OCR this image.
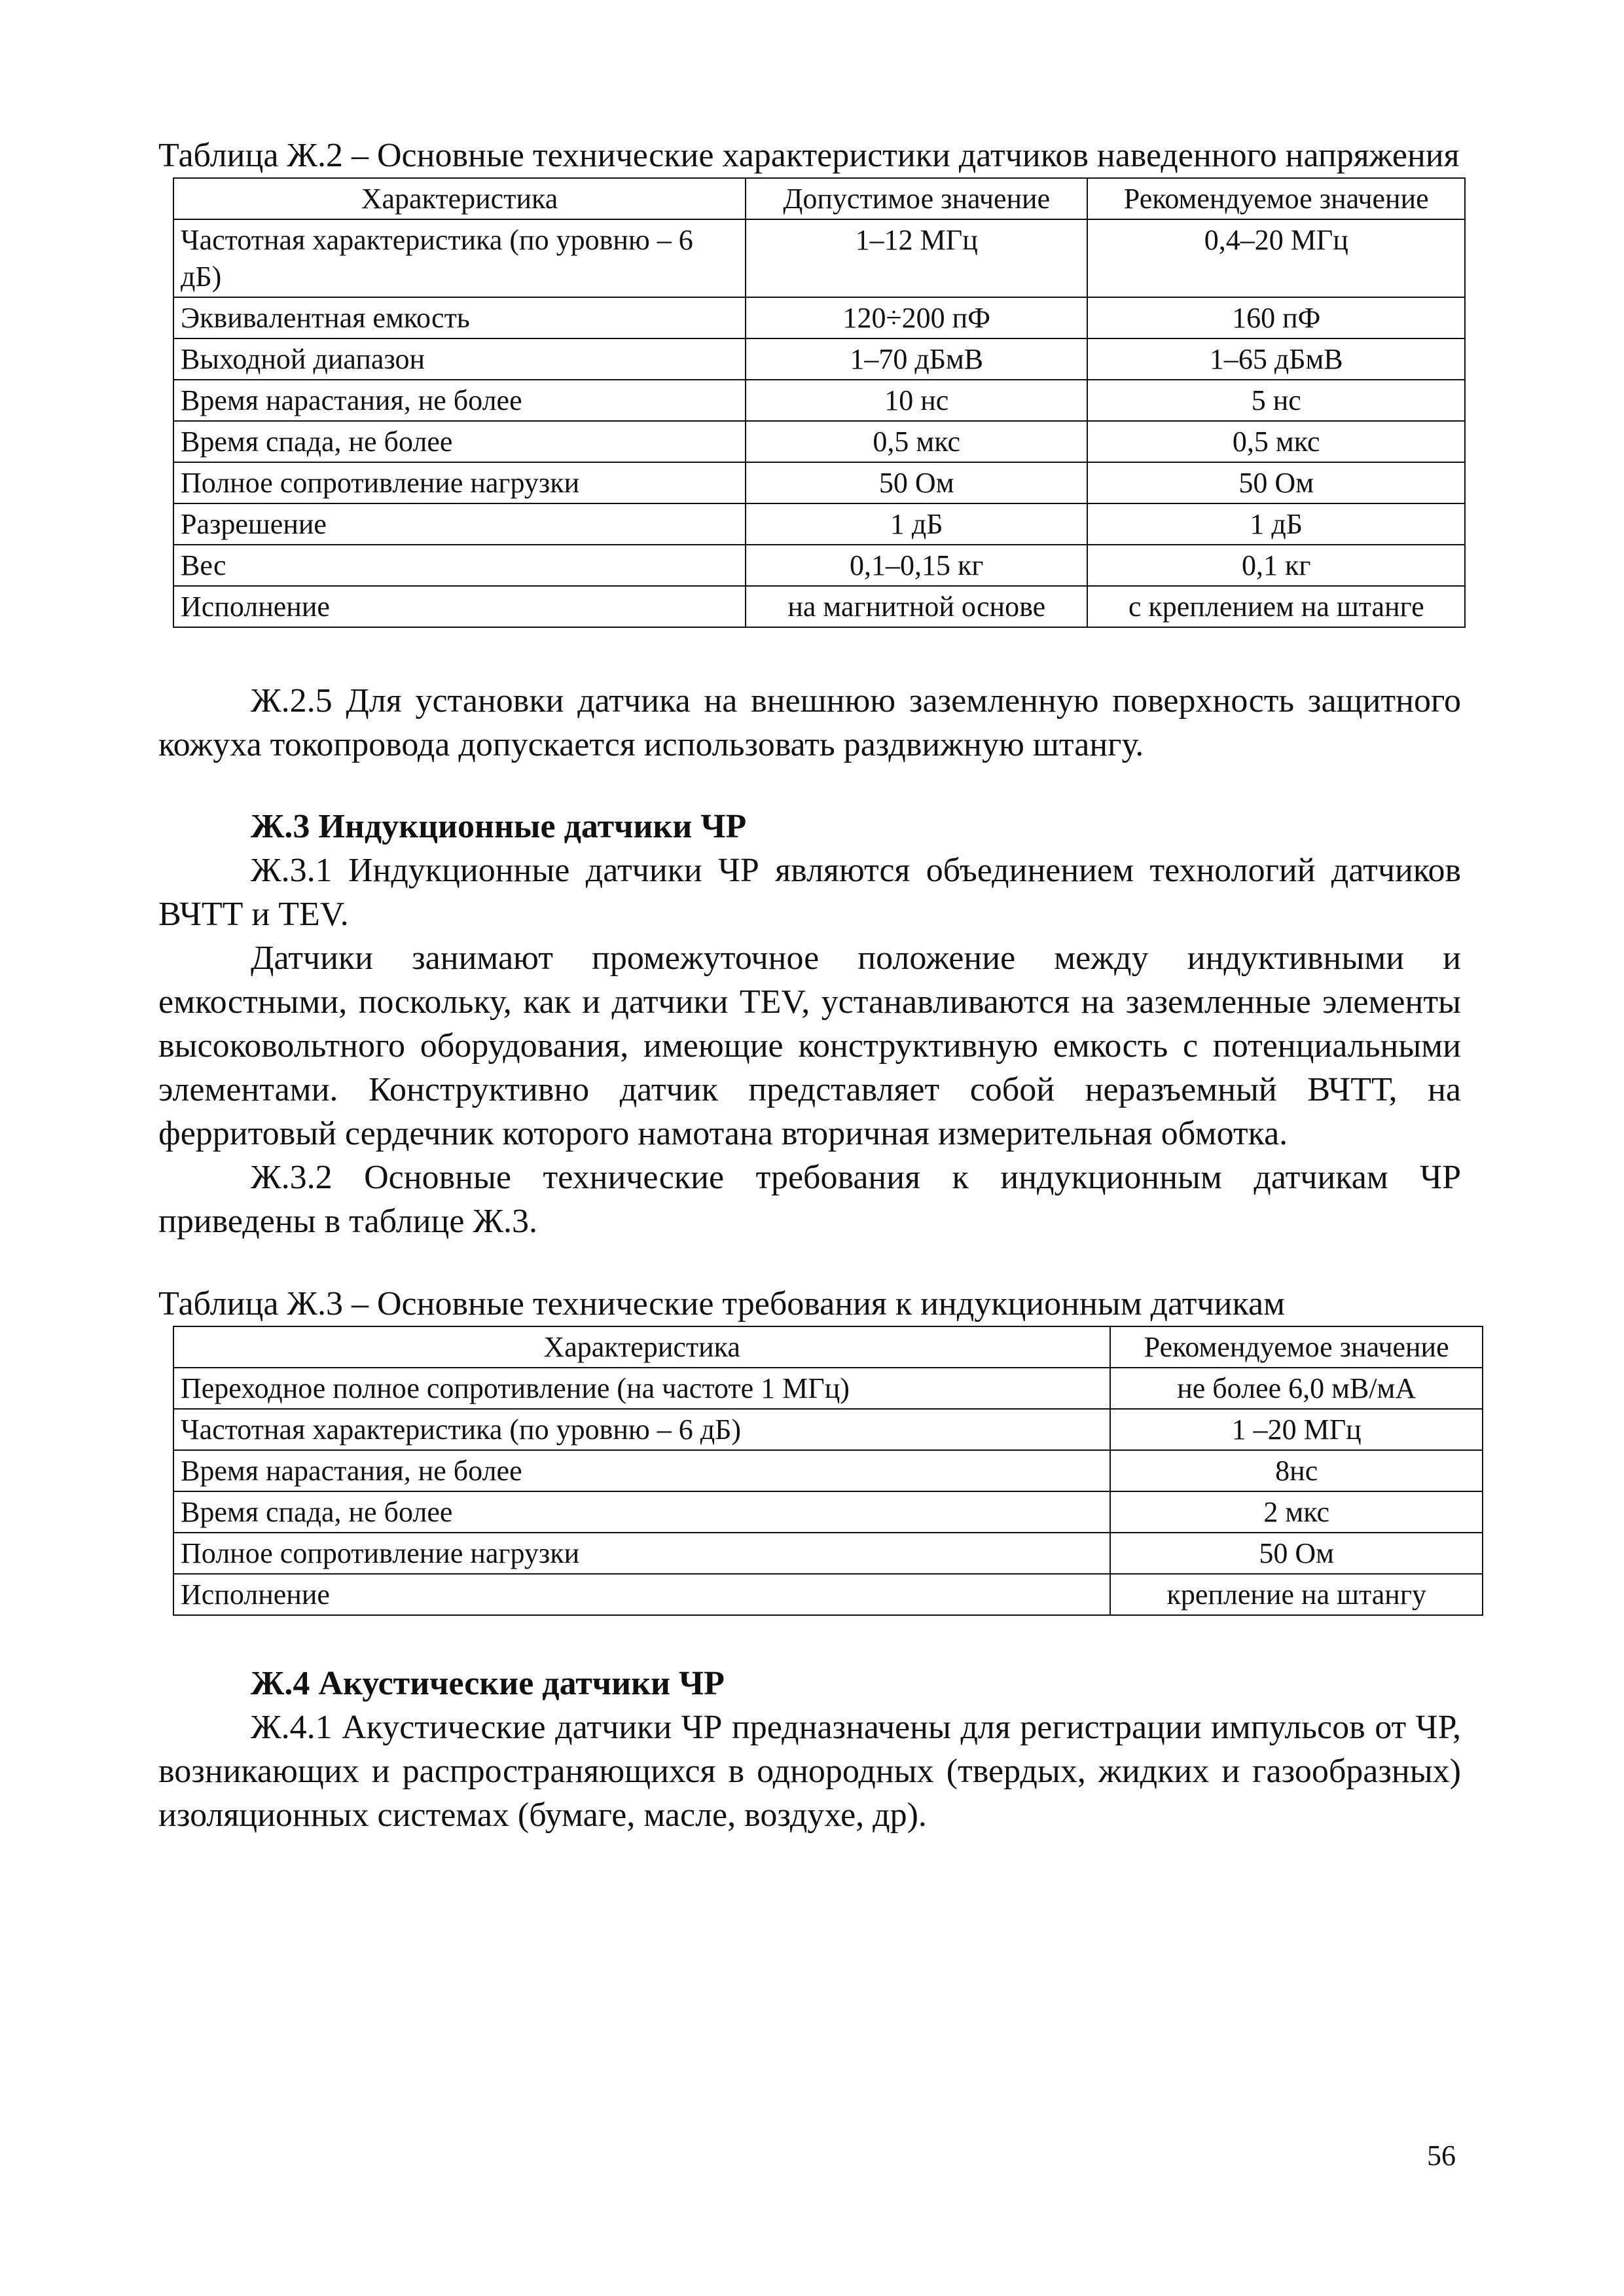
Таблица Ж.2 – Основные технические характеристики датчиков наведенного напряжения

Характеристика	Допустимое значение	Рекомендуемое значение
Частотная характеристика (по уровню – 6 дБ)	1–12 МГц	0,4–20 МГц
Эквивалентная емкость	120÷200 пФ	160 пФ
Выходной диапазон	1–70 дБмВ	1–65 дБмВ
Время нарастания, не более	10 нс	5 нс
Время спада, не более	0,5 мкс	0,5 мкс
Полное сопротивление нагрузки	50 Ом	50 Ом
Разрешение	1 дБ	1 дБ
Вес	0,1–0,15 кг	0,1 кг
Исполнение	на магнитной основе	с креплением на штанге

Ж.2.5 Для установки датчика на внешнюю заземленную поверхность защитного кожуха токопровода допускается использовать раздвижную штангу.

Ж.3 Индукционные датчики ЧР

Ж.3.1 Индукционные датчики ЧР являются объединением технологий датчиков ВЧТТ и TEV.

Датчики занимают промежуточное положение между индуктивными и емкостными, поскольку, как и датчики TEV, устанавливаются на заземленные элементы высоковольтного оборудования, имеющие конструктивную емкость с потенциальными элементами. Конструктивно датчик представляет собой неразъемный ВЧТТ, на ферритовый сердечник которого намотана вторичная измерительная обмотка.

Ж.3.2 Основные технические требования к индукционным датчикам ЧР приведены в таблице Ж.3.

Таблица Ж.3 – Основные технические требования к индукционным датчикам

Характеристика	Рекомендуемое значение
Переходное полное сопротивление (на частоте 1 МГц)	не более 6,0 мВ/мА
Частотная характеристика (по уровню – 6 дБ)	1 –20 МГц
Время нарастания, не более	8нс
Время спада, не более	2 мкс
Полное сопротивление нагрузки	50 Ом
Исполнение	крепление на штангу

Ж.4 Акустические датчики ЧР

Ж.4.1 Акустические датчики ЧР предназначены для регистрации импульсов от ЧР, возникающих и распространяющихся в однородных (твердых, жидких и газообразных) изоляционных системах (бумаге, масле, воздухе, др).

56
